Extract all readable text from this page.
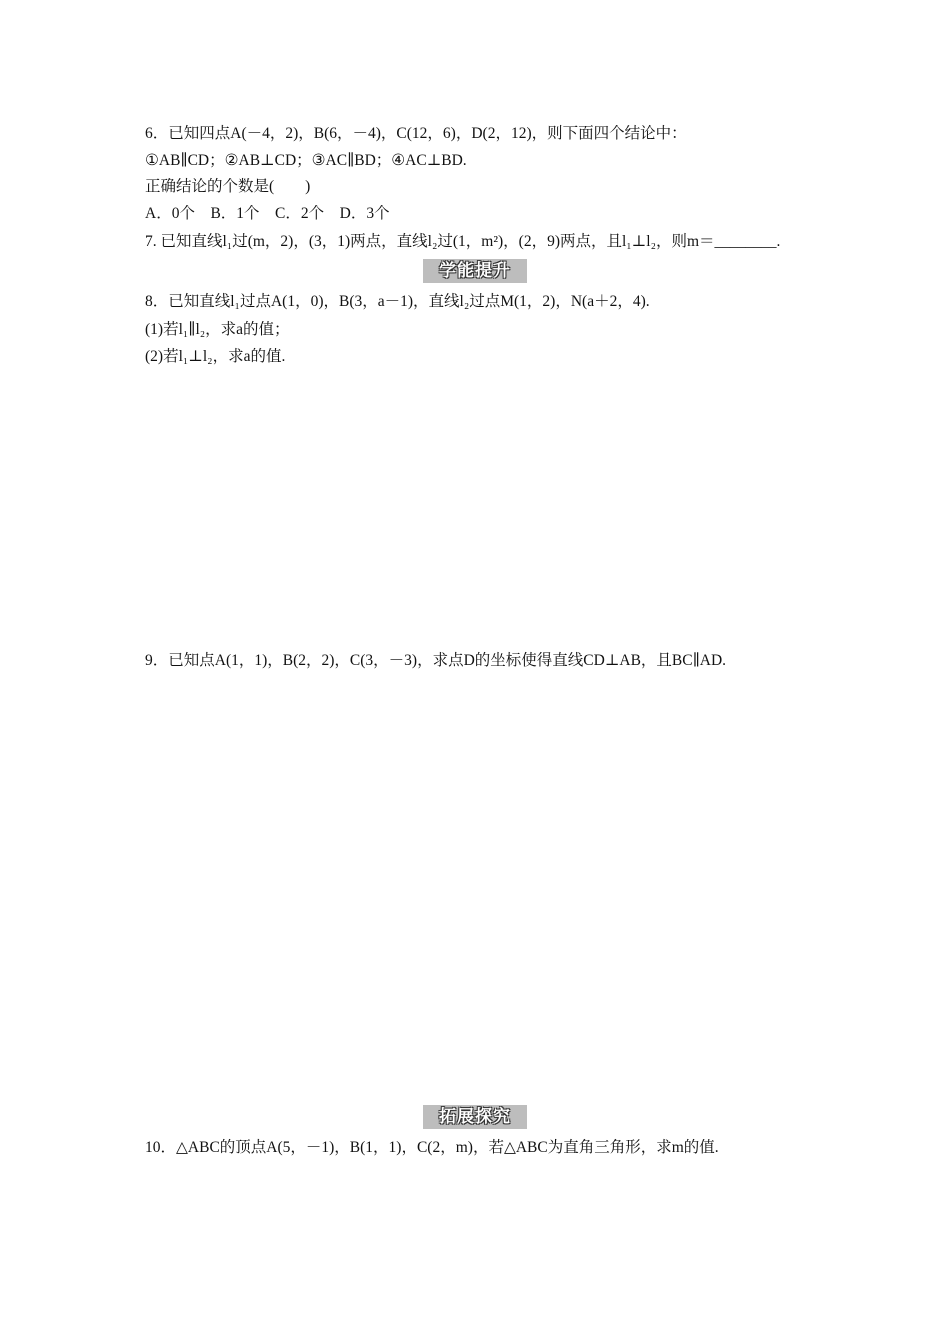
6．已知四点A(－4，2)，B(6，－4)，C(12，6)，D(2，12)，则下面四个结论中：
①AB∥CD；②AB⊥CD；③AC∥BD；④AC⊥BD.
正确结论的个数是(　　)
A．0个　B．1个　C．2个　D．3个
7. 已知直线l₁过(m，2)，(3，1)两点，直线l₂过(1，m²)，(2，9)两点，且l₁⊥l₂，则m＝________.
学能提升
8．已知直线l₁过点A(1，0)，B(3，a－1)，直线l₂过点M(1，2)，N(a＋2，4).
(1)若l₁∥l₂，求a的值；
(2)若l₁⊥l₂，求a的值.
9．已知点A(1，1)，B(2，2)，C(3，－3)，求点D的坐标使得直线CD⊥AB，且BC∥AD.
拓展探究
10．△ABC的顶点A(5，－1)，B(1，1)，C(2，m)，若△ABC为直角三角形，求m的值.
